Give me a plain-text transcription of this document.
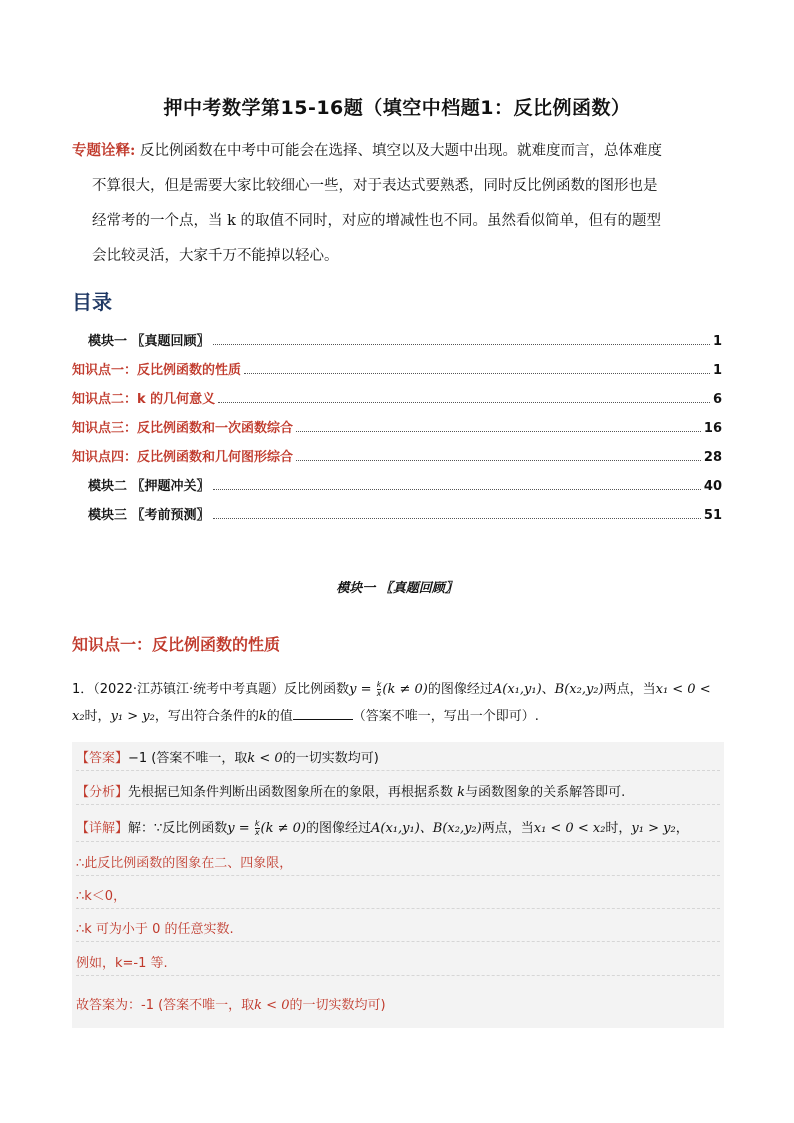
押中考数学第15-16题（填空中档题1：反比例函数）

专题诠释: 反比例函数在中考中可能会在选择、填空以及大题中出现。就难度而言，总体难度

不算很大，但是需要大家比较细心一些，对于表达式要熟悉，同时反比例函数的图形也是

经常考的一个点，当 k 的取值不同时，对应的增减性也不同。虽然看似简单，但有的题型

会比较灵活，大家千万不能掉以轻心。

目录
模块一 〖真题回顾〗	1
知识点一：反比例函数的性质	1
知识点二：k 的几何意义	6
知识点三：反比例函数和一次函数综合	16
知识点四：反比例函数和几何图形综合	28
模块二 〖押题冲关〗	40
模块三 〖考前预测〗	51
模块一 〖真题回顾〗
知识点一：反比例函数的性质

1．（2022·江苏镇江·统考中考真题）反比例函数$y = \frac{k}{x} (k \ne 0)$的图像经过A(x₁,y₁)、B(x₂,y₂)两点，当x₁ < 0 <

x₂时，y₁ > y₂，写出符合条件的k的值	（答案不唯一，写出一个即可）.

【答案】−1 (答案不唯一，取k < 0的一切实数均可)
【分析】先根据已知条件判断出函数图象所在的象限，再根据系数 k与函数图象的关系解答即可.
【详解】解：∵反比例函数$y = \frac{k}{x} (k \ne 0)$的图像经过A(x₁,y₁)、B(x₂,y₂)两点，当x₁ < 0 < x₂时，y₁ > y₂，
∴此反比例函数的图象在二、四象限，
∴k＜0，
∴k 可为小于 0 的任意实数.
例如，k=-1 等.
故答案为：-1 (答案不唯一，取k < 0的一切实数均可)
